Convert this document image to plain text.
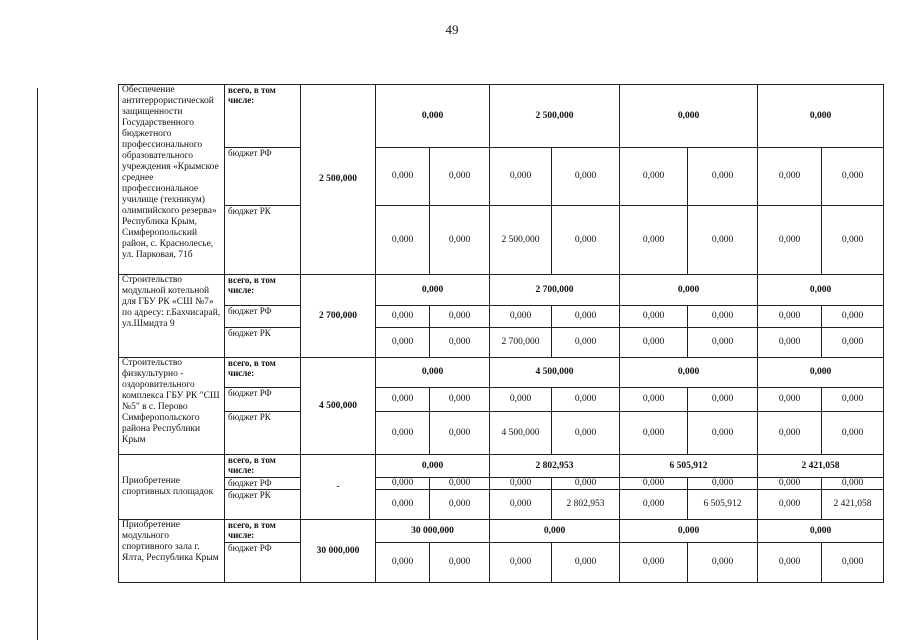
49
Обеспечение антитеррористической защищенности Государственного бюджетного профессионального образовательного учреждения «Крымское среднее профессиональное училище (техникум) олимпийского резерва» Республика Крым, Симферопольский район, с. Краснолесье, ул. Парковая, 71б	всего, в том числе:	2 500,000	0,000		2 500,000		0,000		0,000	
	бюджет РФ		0,000	0,000	0,000	0,000	0,000	0,000	0,000	0,000
	бюджет РК		0,000	0,000	2 500,000	0,000	0,000	0,000	0,000	0,000
Строительство модульной котельной для ГБУ РК «СШ №7» по адресу: г.Бахчисарай, ул.Шмидта 9	всего, в том числе:	2 700,000	0,000		2 700,000		0,000		0,000	
	бюджет РФ		0,000	0,000	0,000	0,000	0,000	0,000	0,000	0,000
	бюджет РК		0,000	0,000	2 700,000	0,000	0,000	0,000	0,000	0,000
Строительство физкультурно - оздоровительного комплекса ГБУ РК "СШ №5" в с. Перово Симферопольского района Республики Крым	всего, в том числе:	4 500,000	0,000		4 500,000		0,000		0,000	
	бюджет РФ		0,000	0,000	0,000	0,000	0,000	0,000	0,000	0,000
	бюджет РК		0,000	0,000	4 500,000	0,000	0,000	0,000	0,000	0,000
Приобретение спортивных площадок	всего, в том числе:	-	0,000		2 802,953		6 505,912		2 421,058	
	бюджет РФ		0,000	0,000	0,000	0,000	0,000	0,000	0,000	0,000
	бюджет РК		0,000	0,000	0,000	2 802,953	0,000	6 505,912	0,000	2 421,058
Приобретение модульного спортивного зала г. Ялта, Республика Крым	всего, в том числе:	30 000,000	30 000,000		0,000		0,000		0,000	
	бюджет РФ		0,000	0,000	0,000	0,000	0,000	0,000	0,000	0,000
